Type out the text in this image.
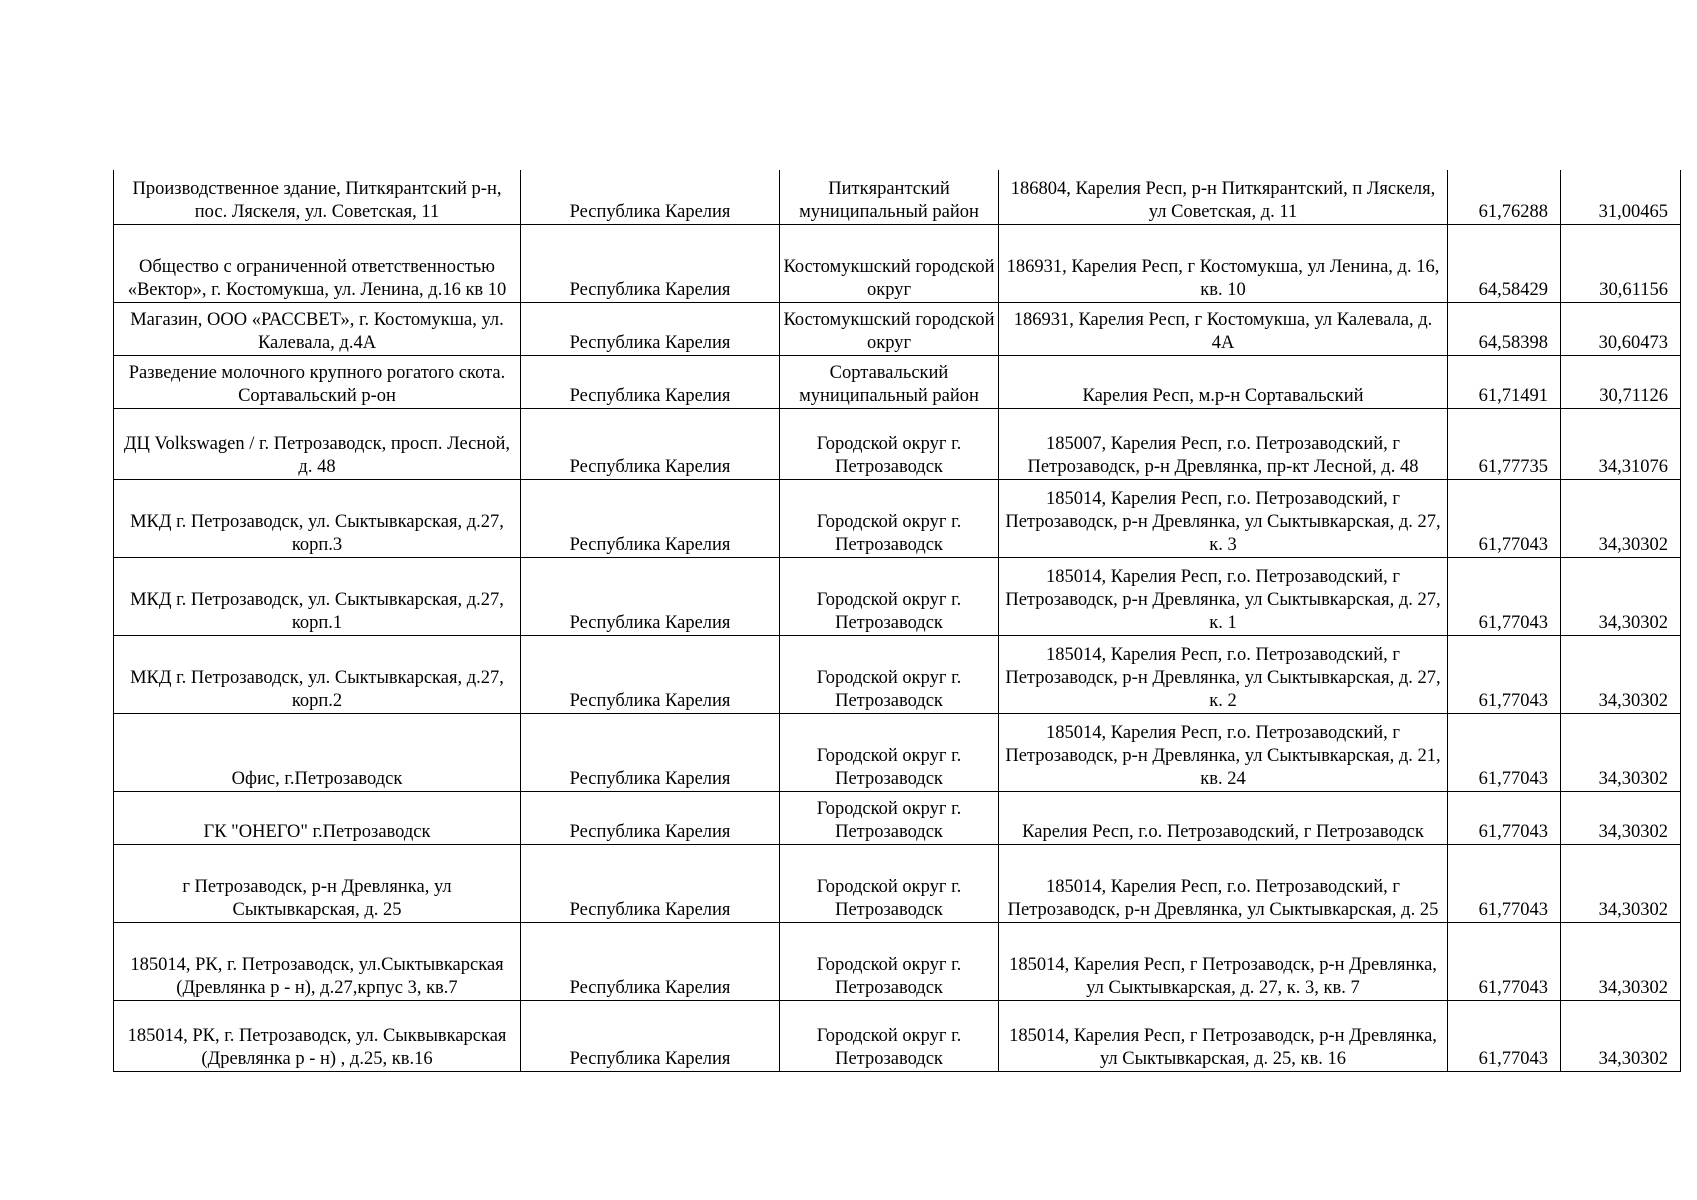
Производственное здание, Питкярантский р-н, пос. Ляскеля, ул. Советская, 11	Республика Карелия	Питкярантский муниципальный район	186804, Карелия Респ, р-н Питкярантский, п Ляскеля, ул Советская, д. 11	61,76288	31,00465
Общество с ограниченной ответственностью «Вектор», г. Костомукша, ул. Ленина, д.16 кв 10	Республика Карелия	Костомукшский городской округ	186931, Карелия Респ, г Костомукша, ул Ленина, д. 16, кв. 10	64,58429	30,61156
Магазин, ООО «РАССВЕТ», г. Костомукша, ул. Калевала, д.4А	Республика Карелия	Костомукшский городской округ	186931, Карелия Респ, г Костомукша, ул Калевала, д. 4А	64,58398	30,60473
Разведение молочного крупного рогатого скота. Сортавальский р-он	Республика Карелия	Сортавальский муниципальный район	Карелия Респ, м.р-н Сортавальский	61,71491	30,71126
ДЦ Volkswagen / г. Петрозаводск, просп. Лесной, д. 48	Республика Карелия	Городской округ г. Петрозаводск	185007, Карелия Респ, г.о. Петрозаводский, г Петрозаводск, р-н Древлянка, пр-кт Лесной, д. 48	61,77735	34,31076
МКД г. Петрозаводск, ул. Сыктывкарская, д.27, корп.3	Республика Карелия	Городской округ г. Петрозаводск	185014, Карелия Респ, г.о. Петрозаводский, г Петрозаводск, р-н Древлянка, ул Сыктывкарская, д. 27, к. 3	61,77043	34,30302
МКД г. Петрозаводск, ул. Сыктывкарская, д.27, корп.1	Республика Карелия	Городской округ г. Петрозаводск	185014, Карелия Респ, г.о. Петрозаводский, г Петрозаводск, р-н Древлянка, ул Сыктывкарская, д. 27, к. 1	61,77043	34,30302
МКД г. Петрозаводск, ул. Сыктывкарская, д.27, корп.2	Республика Карелия	Городской округ г. Петрозаводск	185014, Карелия Респ, г.о. Петрозаводский, г Петрозаводск, р-н Древлянка, ул Сыктывкарская, д. 27, к. 2	61,77043	34,30302
Офис, г.Петрозаводск	Республика Карелия	Городской округ г. Петрозаводск	185014, Карелия Респ, г.о. Петрозаводский, г Петрозаводск, р-н Древлянка, ул Сыктывкарская, д. 21, кв. 24	61,77043	34,30302
ГК "ОНЕГО" г.Петрозаводск	Республика Карелия	Городской округ г. Петрозаводск	Карелия Респ, г.о. Петрозаводский, г Петрозаводск	61,77043	34,30302
г Петрозаводск, р-н Древлянка, ул Сыктывкарская, д. 25	Республика Карелия	Городской округ г. Петрозаводск	185014, Карелия Респ, г.о. Петрозаводский, г Петрозаводск, р-н Древлянка, ул Сыктывкарская, д. 25	61,77043	34,30302
185014, РК, г. Петрозаводск, ул.Сыктывкарская (Древлянка р - н), д.27,крпус 3, кв.7	Республика Карелия	Городской округ г. Петрозаводск	185014, Карелия Респ, г Петрозаводск, р-н Древлянка, ул Сыктывкарская, д. 27, к. 3, кв. 7	61,77043	34,30302
185014, РК, г. Петрозаводск, ул. Сыквывкарская (Древлянка р - н) , д.25, кв.16	Республика Карелия	Городской округ г. Петрозаводск	185014, Карелия Респ, г Петрозаводск, р-н Древлянка, ул Сыктывкарская, д. 25, кв. 16	61,77043	34,30302
